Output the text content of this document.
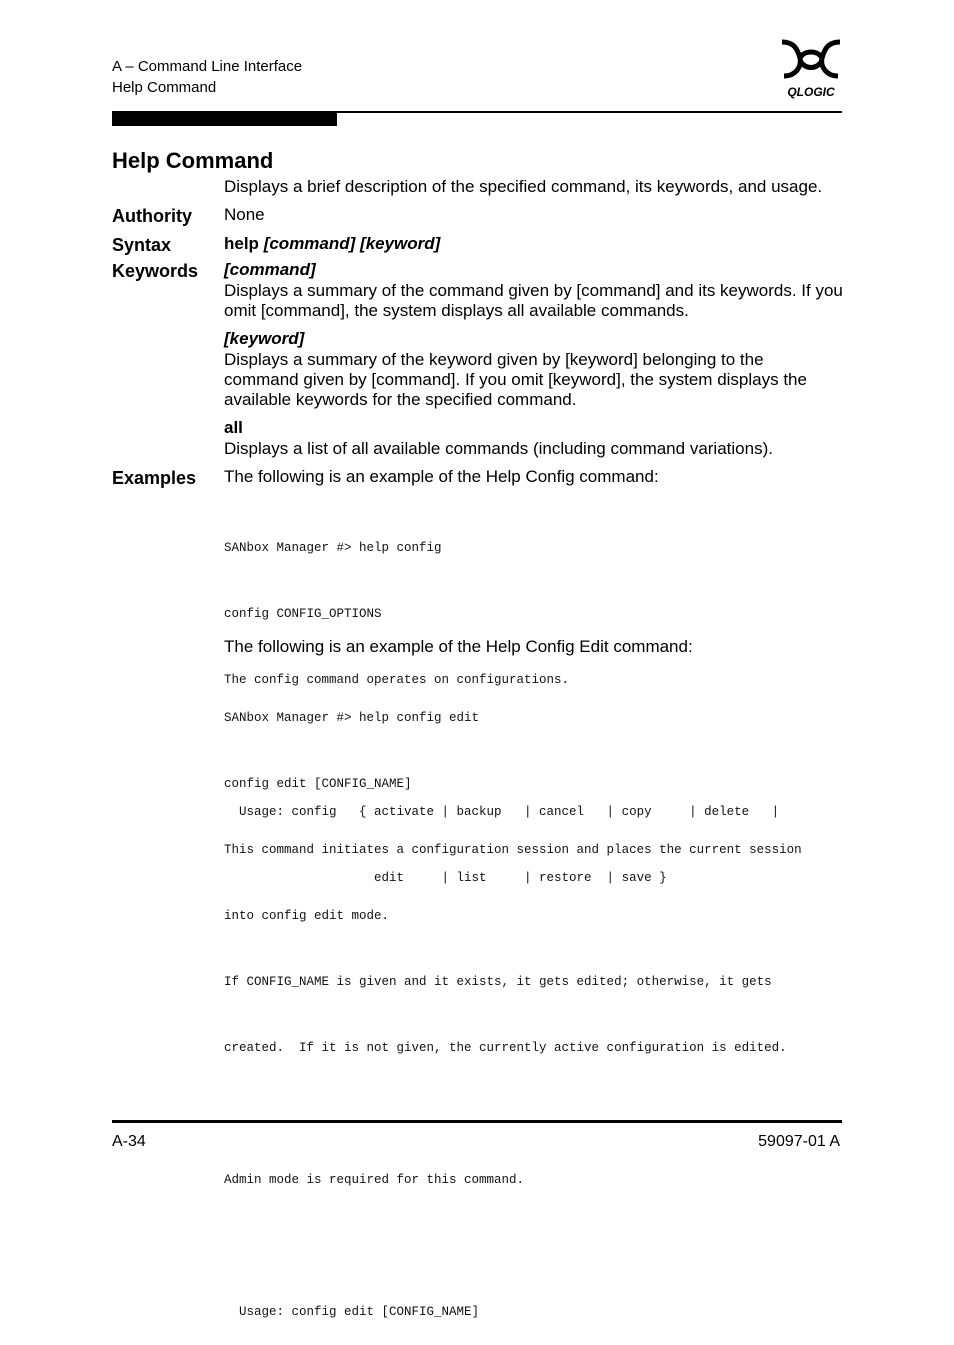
A – Command Line Interface
Help Command	QLOGIC
Help Command
Displays a brief description of the specified command, its keywords, and usage.
Authority None
Syntax	help [command] [keyword]
Keywords [command]
Displays a summary of the command given by [command] and its keywords. If you
omit [command], the system displays all available commands.
[keyword]
Displays a summary of the keyword given by [keyword] belonging to the
command given by [command]. If you omit [keyword], the system displays the
available keywords for the specified command.
all
Displays a list of all available commands (including command variations).
Examples The following is an example of the Help Config command:

SANbox Manager #> help config

config CONFIG_OPTIONS

The config command operates on configurations.

Usage: config   { activate | backup   | cancel   | copy     | delete   |

edit     | list     | restore  | save }

The following is an example of the Help Config Edit command:

SANbox Manager #> help config edit

config edit [CONFIG_NAME]

This command initiates a configuration session and places the current session

into config edit mode.

If CONFIG_NAME is given and it exists, it gets edited; otherwise, it gets

created.  If it is not given, the currently active configuration is edited.

Admin mode is required for this command.

Usage: config edit [CONFIG_NAME]

A-34	59097-01 A
